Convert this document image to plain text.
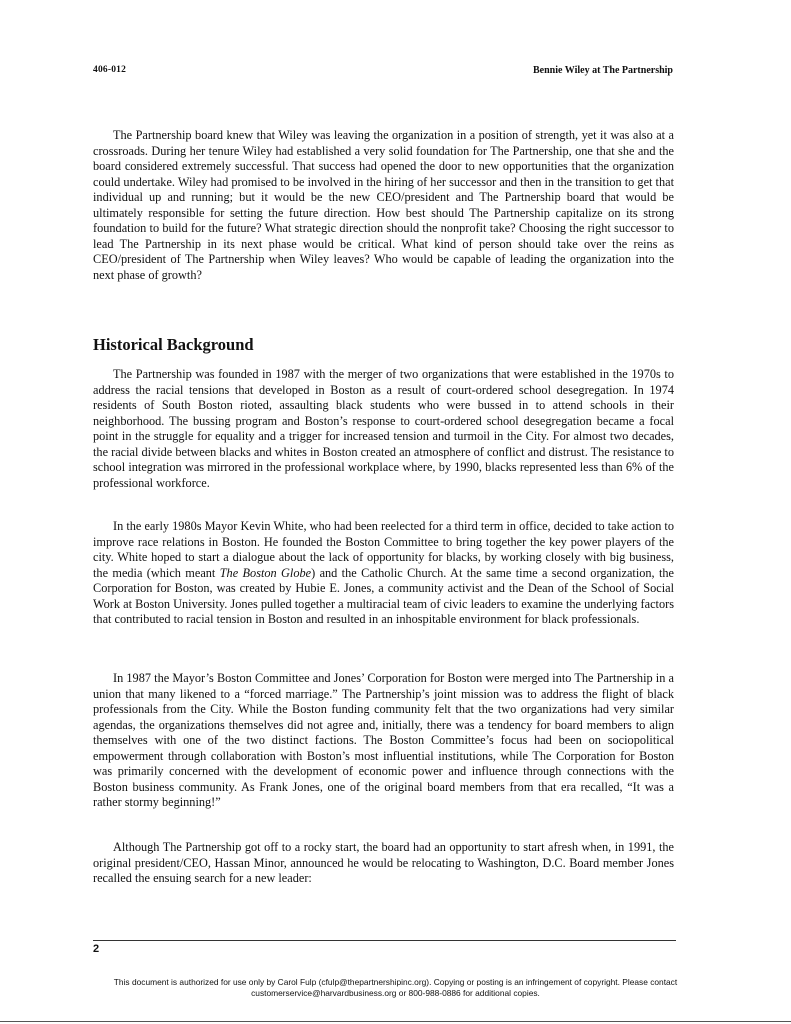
406-012	Bennie Wiley at The Partnership

The Partnership board knew that Wiley was leaving the organization in a position of strength, yet it was also at a crossroads. During her tenure Wiley had established a very solid foundation for The Partnership, one that she and the board considered extremely successful. That success had opened the door to new opportunities that the organization could undertake. Wiley had promised to be involved in the hiring of her successor and then in the transition to get that individual up and running; but it would be the new CEO/president and The Partnership board that would be ultimately responsible for setting the future direction. How best should The Partnership capitalize on its strong foundation to build for the future? What strategic direction should the nonprofit take? Choosing the right successor to lead The Partnership in its next phase would be critical. What kind of person should take over the reins as CEO/president of The Partnership when Wiley leaves? Who would be capable of leading the organization into the next phase of growth?

Historical Background

The Partnership was founded in 1987 with the merger of two organizations that were established in the 1970s to address the racial tensions that developed in Boston as a result of court-ordered school desegregation. In 1974 residents of South Boston rioted, assaulting black students who were bussed in to attend schools in their neighborhood. The bussing program and Boston’s response to court-ordered school desegregation became a focal point in the struggle for equality and a trigger for increased tension and turmoil in the City. For almost two decades, the racial divide between blacks and whites in Boston created an atmosphere of conflict and distrust. The resistance to school integration was mirrored in the professional workplace where, by 1990, blacks represented less than 6% of the professional workforce.

In the early 1980s Mayor Kevin White, who had been reelected for a third term in office, decided to take action to improve race relations in Boston. He founded the Boston Committee to bring together the key power players of the city. White hoped to start a dialogue about the lack of opportunity for blacks, by working closely with big business, the media (which meant The Boston Globe) and the Catholic Church. At the same time a second organization, the Corporation for Boston, was created by Hubie E. Jones, a community activist and the Dean of the School of Social Work at Boston University. Jones pulled together a multiracial team of civic leaders to examine the underlying factors that contributed to racial tension in Boston and resulted in an inhospitable environment for black professionals.

In 1987 the Mayor’s Boston Committee and Jones’ Corporation for Boston were merged into The Partnership in a union that many likened to a “forced marriage.” The Partnership’s joint mission was to address the flight of black professionals from the City. While the Boston funding community felt that the two organizations had very similar agendas, the organizations themselves did not agree and, initially, there was a tendency for board members to align themselves with one of the two distinct factions. The Boston Committee’s focus had been on sociopolitical empowerment through collaboration with Boston’s most influential institutions, while The Corporation for Boston was primarily concerned with the development of economic power and influence through connections with the Boston business community. As Frank Jones, one of the original board members from that era recalled, “It was a rather stormy beginning!”

Although The Partnership got off to a rocky start, the board had an opportunity to start afresh when, in 1991, the original president/CEO, Hassan Minor, announced he would be relocating to Washington, D.C. Board member Jones recalled the ensuing search for a new leader:

2
This document is authorized for use only by Carol Fulp (cfulp@thepartnershipinc.org). Copying or posting is an infringement of copyright. Please contact
customerservice@harvardbusiness.org or 800-988-0886 for additional copies.
